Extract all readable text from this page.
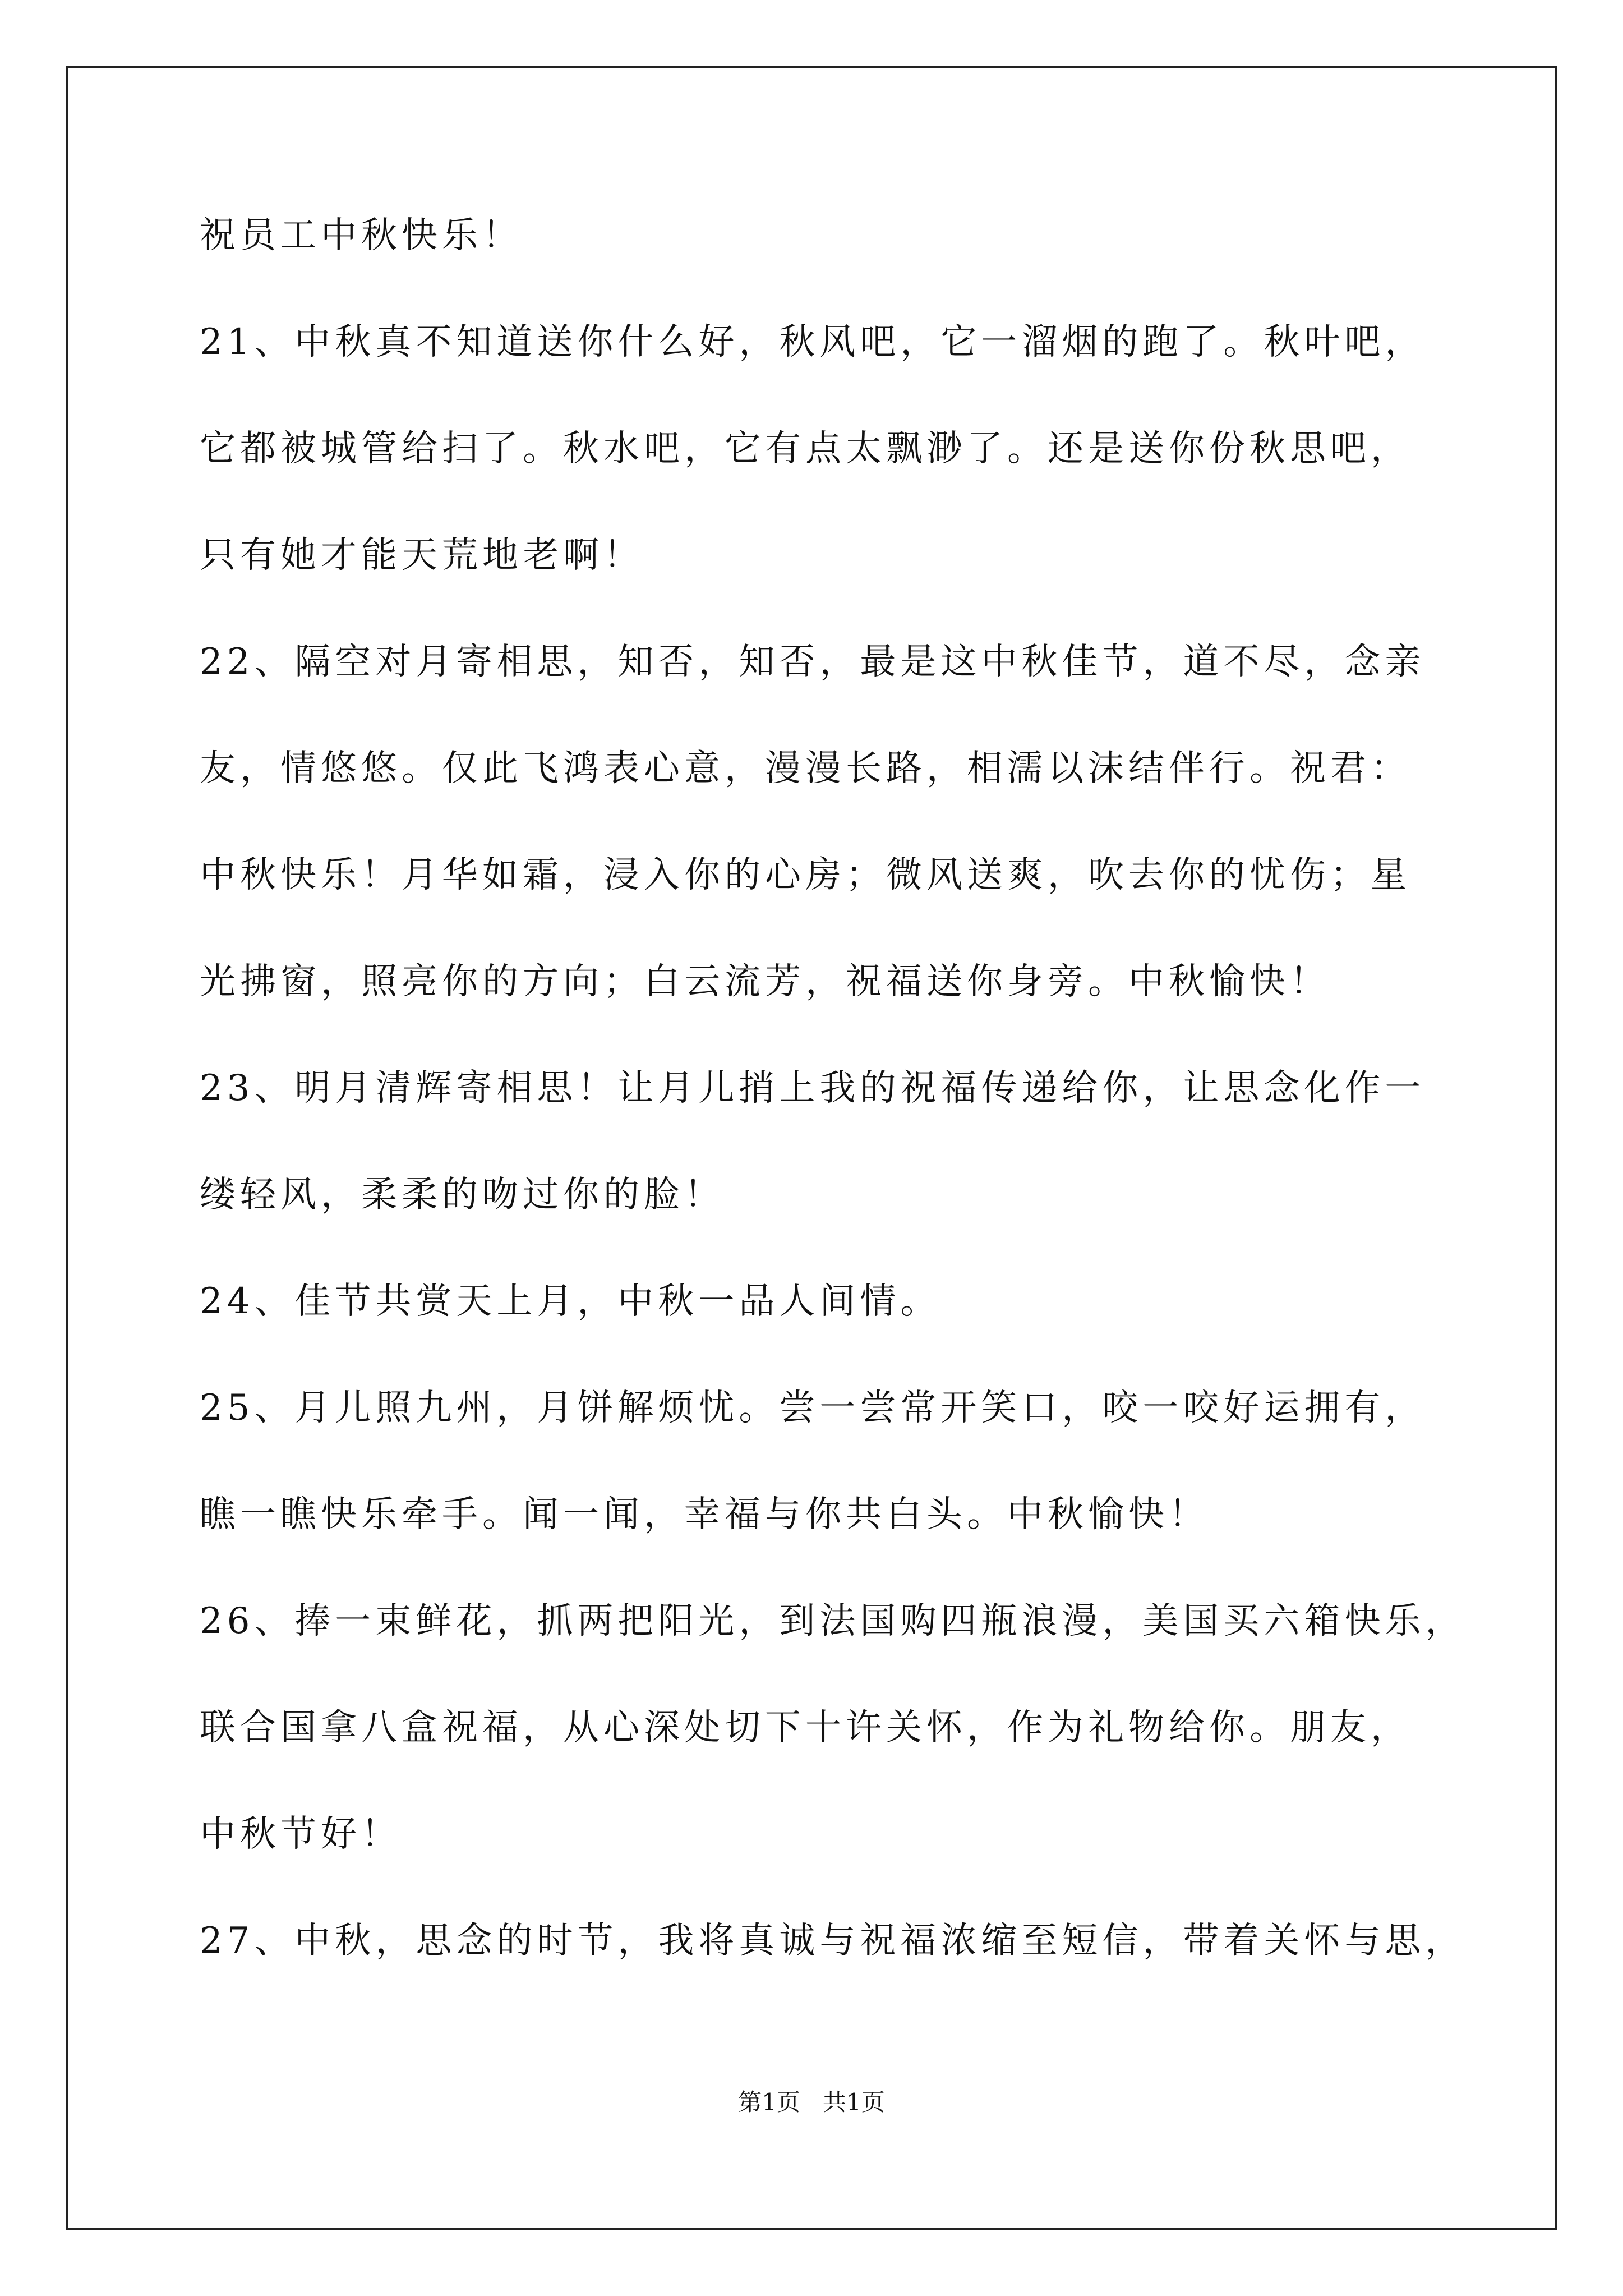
祝员工中秋快乐！
21、中秋真不知道送你什么好，秋风吧，它一溜烟的跑了。秋叶吧，
它都被城管给扫了。秋水吧，它有点太飘渺了。还是送你份秋思吧，
只有她才能天荒地老啊！
22、隔空对月寄相思，知否，知否，最是这中秋佳节，道不尽，念亲
友，情悠悠。仅此飞鸿表心意，漫漫长路，相濡以沫结伴行。祝君：
中秋快乐！月华如霜，浸入你的心房；微风送爽，吹去你的忧伤；星
光拂窗，照亮你的方向；白云流芳，祝福送你身旁。中秋愉快！
23、明月清辉寄相思！让月儿捎上我的祝福传递给你，让思念化作一
缕轻风，柔柔的吻过你的脸！
24、佳节共赏天上月，中秋一品人间情。
25、月儿照九州，月饼解烦忧。尝一尝常开笑口，咬一咬好运拥有，
瞧一瞧快乐牵手。闻一闻，幸福与你共白头。中秋愉快！
26、捧一束鲜花，抓两把阳光，到法国购四瓶浪漫，美国买六箱快乐，
联合国拿八盒祝福，从心深处切下十许关怀，作为礼物给你。朋友，
中秋节好！
27、中秋，思念的时节，我将真诚与祝福浓缩至短信，带着关怀与思，
第1页   共1页
